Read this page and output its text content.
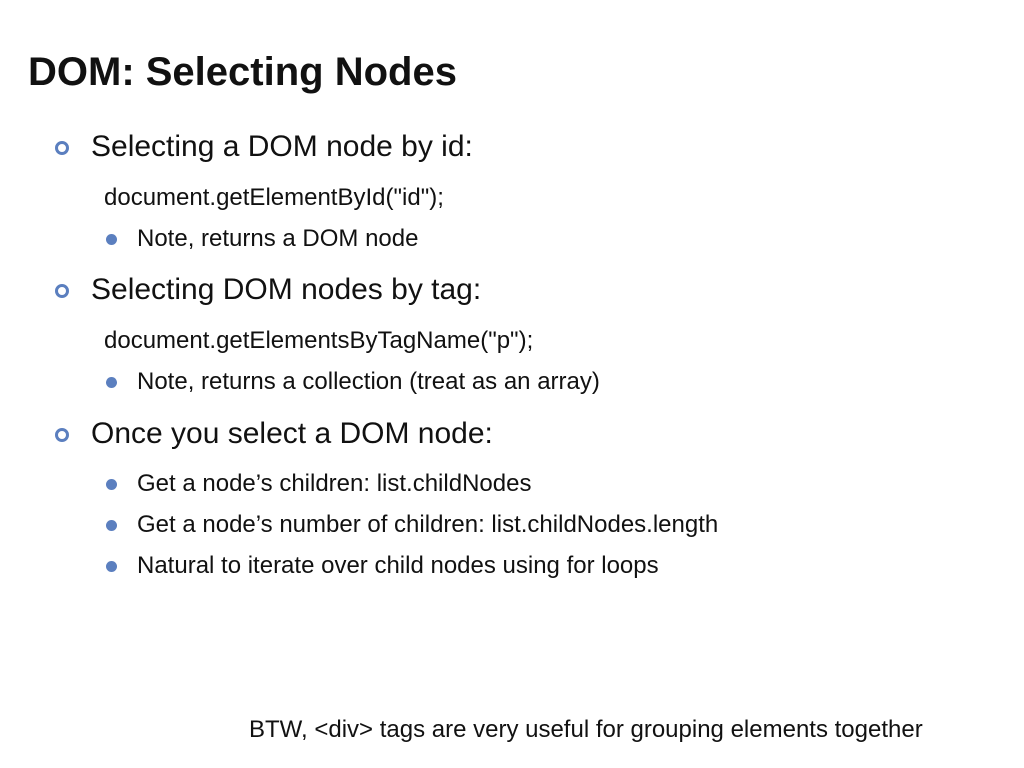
DOM: Selecting Nodes
Selecting a DOM node by id:
document.getElementById("id");
Note, returns a DOM node
Selecting DOM nodes by tag:
document.getElementsByTagName("p");
Note, returns a collection (treat as an array)
Once you select a DOM node:
Get a node’s children: list.childNodes
Get a node’s number of children: list.childNodes.length
Natural to iterate over child nodes using for loops

BTW, <div> tags are very useful for grouping elements together
